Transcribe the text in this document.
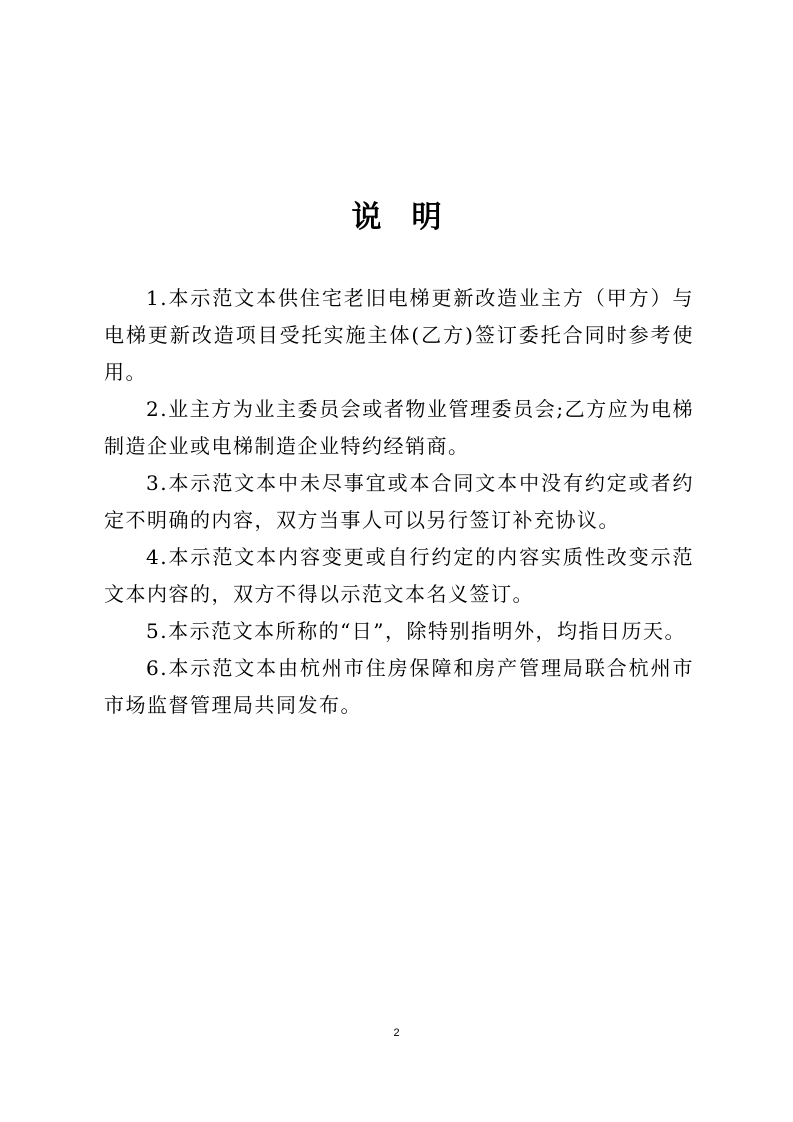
说明

1.本示范文本供住宅老旧电梯更新改造业主方（甲方）与电梯更新改造项目受托实施主体(乙方)签订委托合同时参考使用。

2.业主方为业主委员会或者物业管理委员会;乙方应为电梯制造企业或电梯制造企业特约经销商。

3.本示范文本中未尽事宜或本合同文本中没有约定或者约定不明确的内容，双方当事人可以另行签订补充协议。

4.本示范文本内容变更或自行约定的内容实质性改变示范文本内容的，双方不得以示范文本名义签订。

5.本示范文本所称的“日”，除特别指明外，均指日历天。

6.本示范文本由杭州市住房保障和房产管理局联合杭州市市场监督管理局共同发布。

2
